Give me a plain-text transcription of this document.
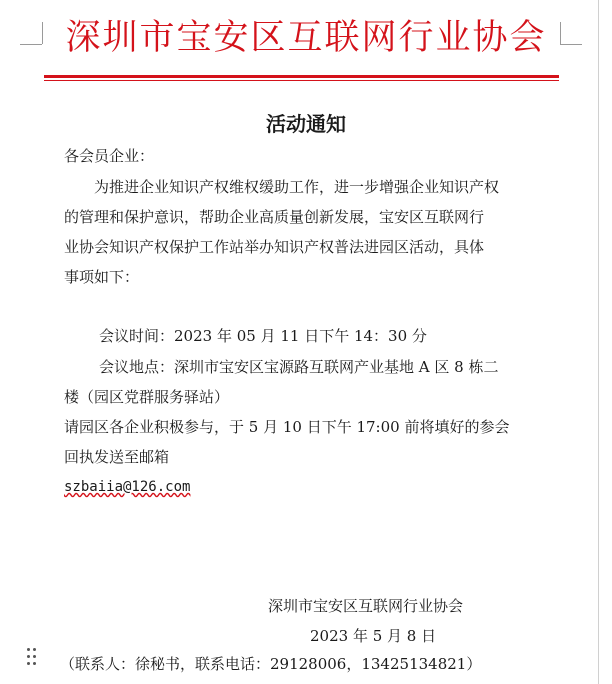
深圳市宝安区互联网行业协会
活动通知
各会员企业：
为推进企业知识产权维权缓助工作，进一步增强企业知识产权
的管理和保护意识，帮助企业高质量创新发展，宝安区互联网行
业协会知识产权保护工作站举办知识产权普法进园区活动，具体
事项如下：
会议时间：2023 年 05 月 11 日下午 14：30 分
会议地点：深圳市宝安区宝源路互联网产业基地 A 区 8 栋二
楼（园区党群服务驿站）
请园区各企业积极参与，于 5 月 10 日下午 17:00 前将填好的参会
回执发送至邮箱
szbaiia@126.com
深圳市宝安区互联网行业协会
2023 年 5 月 8 日
（联系人：徐秘书，联系电话：29128006，13425134821）
